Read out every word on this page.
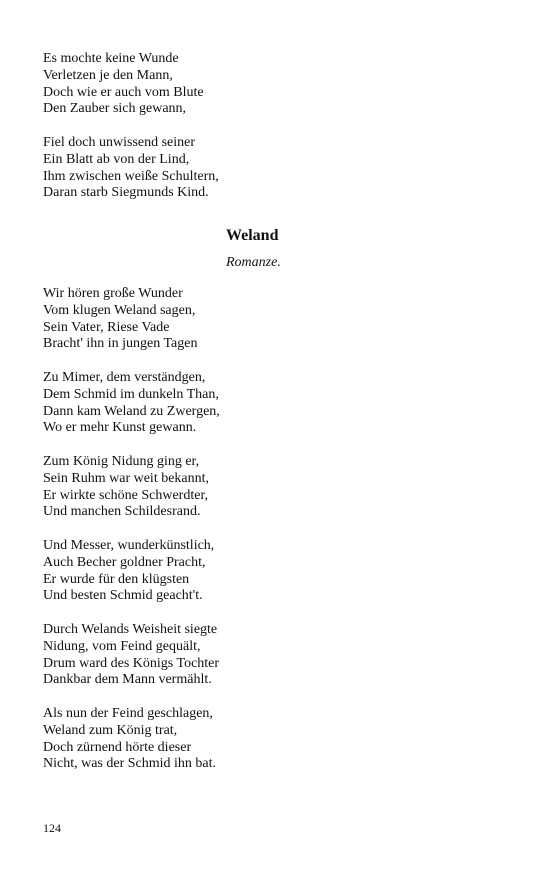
Es mochte keine Wunde
Verletzen je den Mann,
Doch wie er auch vom Blute
Den Zauber sich gewann,
Fiel doch unwissend seiner
Ein Blatt ab von der Lind,
Ihm zwischen weiße Schultern,
Daran starb Siegmunds Kind.
Weland
Romanze.
Wir hören große Wunder
Vom klugen Weland sagen,
Sein Vater, Riese Vade
Bracht' ihn in jungen Tagen
Zu Mimer, dem verständgen,
Dem Schmid im dunkeln Than,
Dann kam Weland zu Zwergen,
Wo er mehr Kunst gewann.
Zum König Nidung ging er,
Sein Ruhm war weit bekannt,
Er wirkte schöne Schwerdter,
Und manchen Schildesrand.
Und Messer, wunderkünstlich,
Auch Becher goldner Pracht,
Er wurde für den klügsten
Und besten Schmid geacht't.
Durch Welands Weisheit siegte
Nidung, vom Feind gequält,
Drum ward des Königs Tochter
Dankbar dem Mann vermählt.
Als nun der Feind geschlagen,
Weland zum König trat,
Doch zürnend hörte dieser
Nicht, was der Schmid ihn bat.
124
